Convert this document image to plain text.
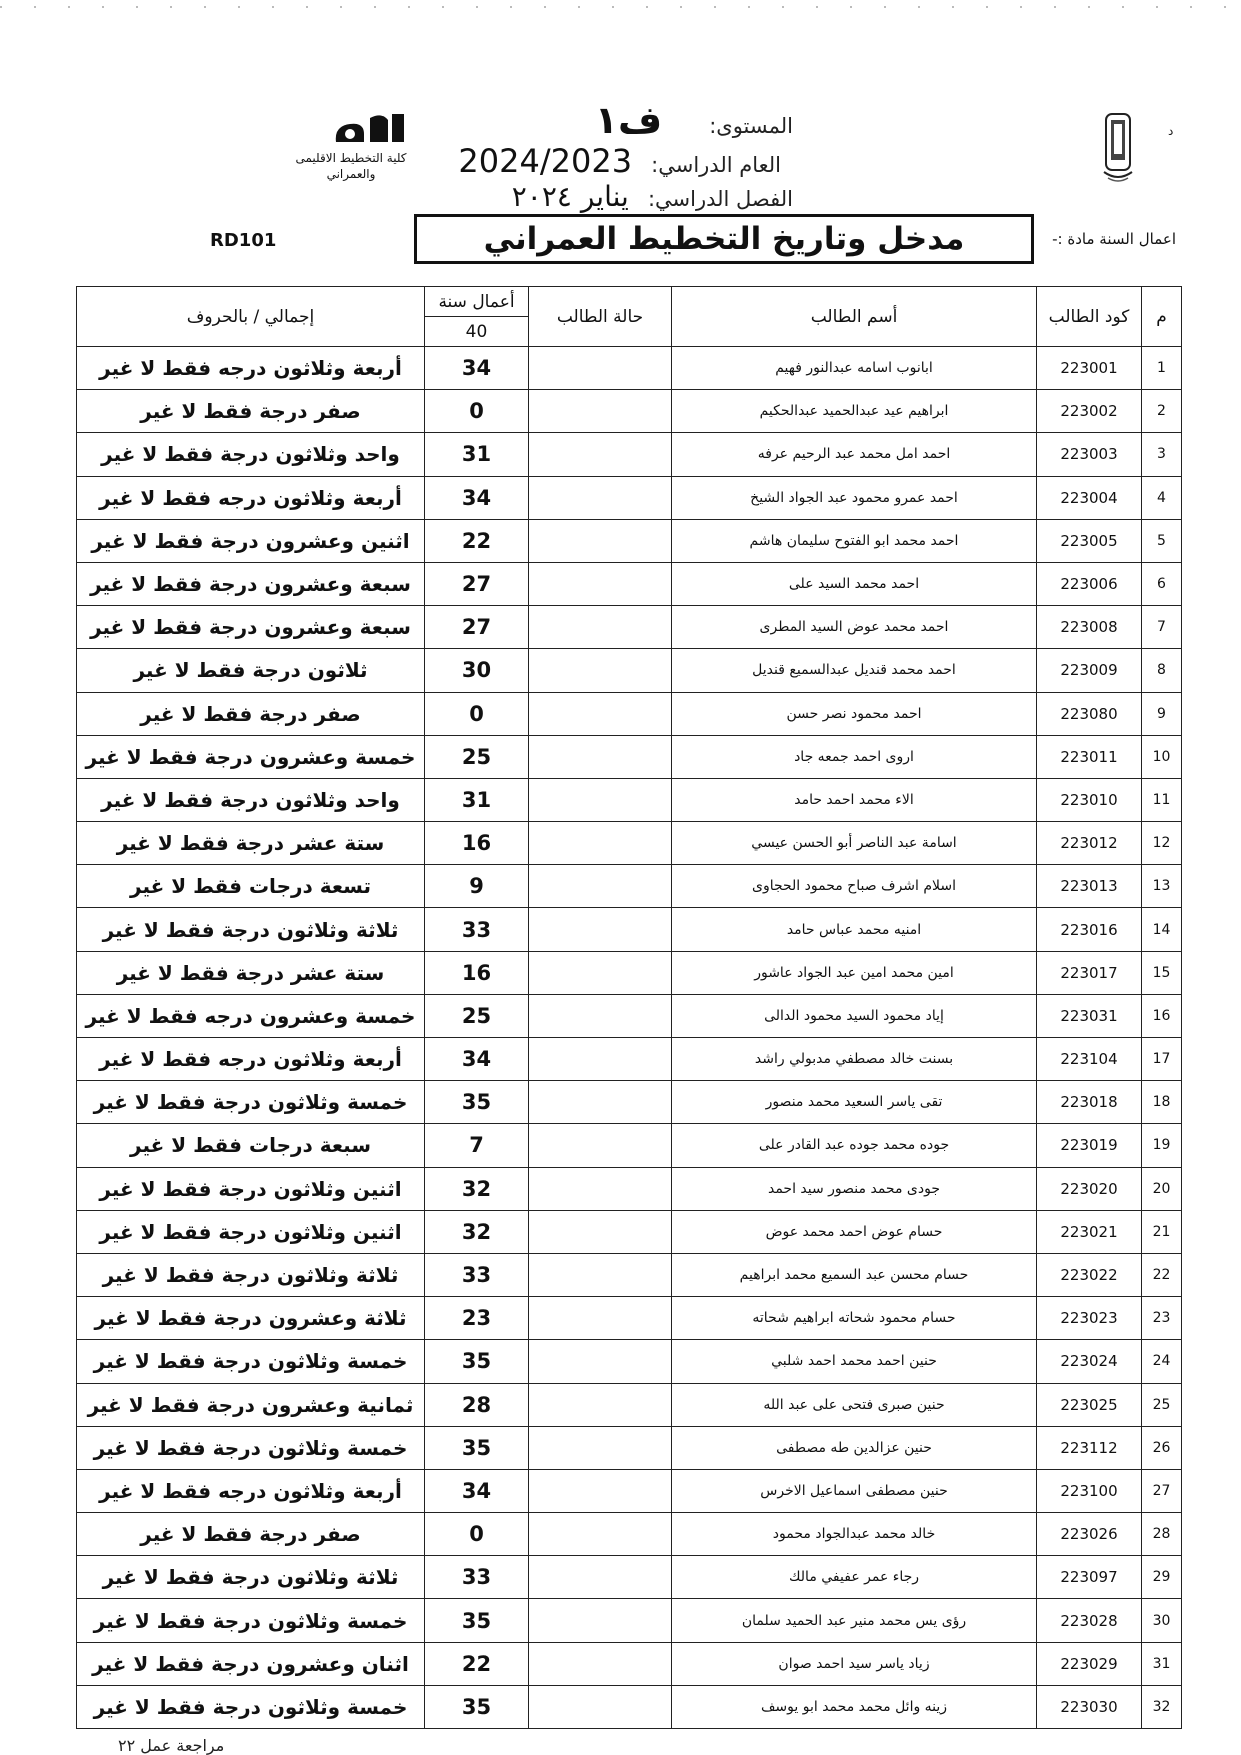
د
كلية التخطيط الاقليمى والعمراني
المستوى: ف١
العام الدراسي: 2024/2023
الفصل الدراسي: يناير ٢٠٢٤
اعمال السنة مادة :-
مدخل وتاريخ التخطيط العمراني
RD101
م	كود الطالب	أسم الطالب	حالة الطالب	أعمال سنة	إجمالي / بالحروف
				40	
1	223001	ابانوب اسامه عبدالنور فهيم		34	أربعة وثلاثون درجه فقط لا غير
2	223002	ابراهيم عيد عبدالحميد عبدالحكيم		0	صفر درجة فقط لا غير
3	223003	احمد امل محمد عبد الرحيم عرفه		31	واحد وثلاثون درجة فقط لا غير
4	223004	احمد عمرو محمود عبد الجواد الشيخ		34	أربعة وثلاثون درجه فقط لا غير
5	223005	احمد محمد ابو الفتوح سليمان هاشم		22	اثنين وعشرون درجة فقط لا غير
6	223006	احمد محمد السيد على		27	سبعة وعشرون درجة فقط لا غير
7	223008	احمد محمد عوض السيد المطرى		27	سبعة وعشرون درجة فقط لا غير
8	223009	احمد محمد قنديل عبدالسميع قنديل		30	ثلاثون درجة فقط لا غير
9	223080	احمد محمود نصر حسن		0	صفر درجة فقط لا غير
10	223011	اروى احمد جمعه جاد		25	خمسة وعشرون درجة فقط لا غير
11	223010	الاء محمد احمد حامد		31	واحد وثلاثون درجة فقط لا غير
12	223012	اسامة عبد الناصر أبو الحسن عيسي		16	ستة عشر درجة فقط لا غير
13	223013	اسلام اشرف صباح محمود الحجاوى		9	تسعة درجات فقط لا غير
14	223016	امنيه محمد عباس حامد		33	ثلاثة وثلاثون درجة فقط لا غير
15	223017	امين محمد امين عبد الجواد عاشور		16	ستة عشر درجة فقط لا غير
16	223031	إياد محمود السيد محمود الدالى		25	خمسة وعشرون درجه فقط لا غير
17	223104	بسنت خالد مصطفي مدبولي راشد		34	أربعة وثلاثون درجه فقط لا غير
18	223018	تقى ياسر السعيد محمد منصور		35	خمسة وثلاثون درجة فقط لا غير
19	223019	جوده محمد جوده عبد القادر على		7	سبعة درجات فقط لا غير
20	223020	جودى محمد منصور سيد احمد		32	اثنين وثلاثون درجة فقط لا غير
21	223021	حسام عوض احمد محمد عوض		32	اثنين وثلاثون درجة فقط لا غير
22	223022	حسام محسن عبد السميع محمد ابراهيم		33	ثلاثة وثلاثون درجة فقط لا غير
23	223023	حسام محمود شحاته ابراهيم شحاته		23	ثلاثة وعشرون درجة فقط لا غير
24	223024	حنين احمد محمد احمد شلبي		35	خمسة وثلاثون درجة فقط لا غير
25	223025	حنين صبرى فتحى على عبد الله		28	ثمانية وعشرون درجة فقط لا غير
26	223112	حنين عزالدين طه مصطفى		35	خمسة وثلاثون درجة فقط لا غير
27	223100	حنين مصطفى اسماعيل الاخرس		34	أربعة وثلاثون درجه فقط لا غير
28	223026	خالد محمد عبدالجواد محمود		0	صفر درجة فقط لا غير
29	223097	رجاء عمر عفيفي مالك		33	ثلاثة وثلاثون درجة فقط لا غير
30	223028	رؤى يس محمد منير عبد الحميد سلمان		35	خمسة وثلاثون درجة فقط لا غير
31	223029	زياد ياسر سيد احمد صوان		22	اثنان وعشرون درجة فقط لا غير
32	223030	زينه وائل محمد محمد ابو يوسف		35	خمسة وثلاثون درجة فقط لا غير
مراجعة عمل ٢٢
